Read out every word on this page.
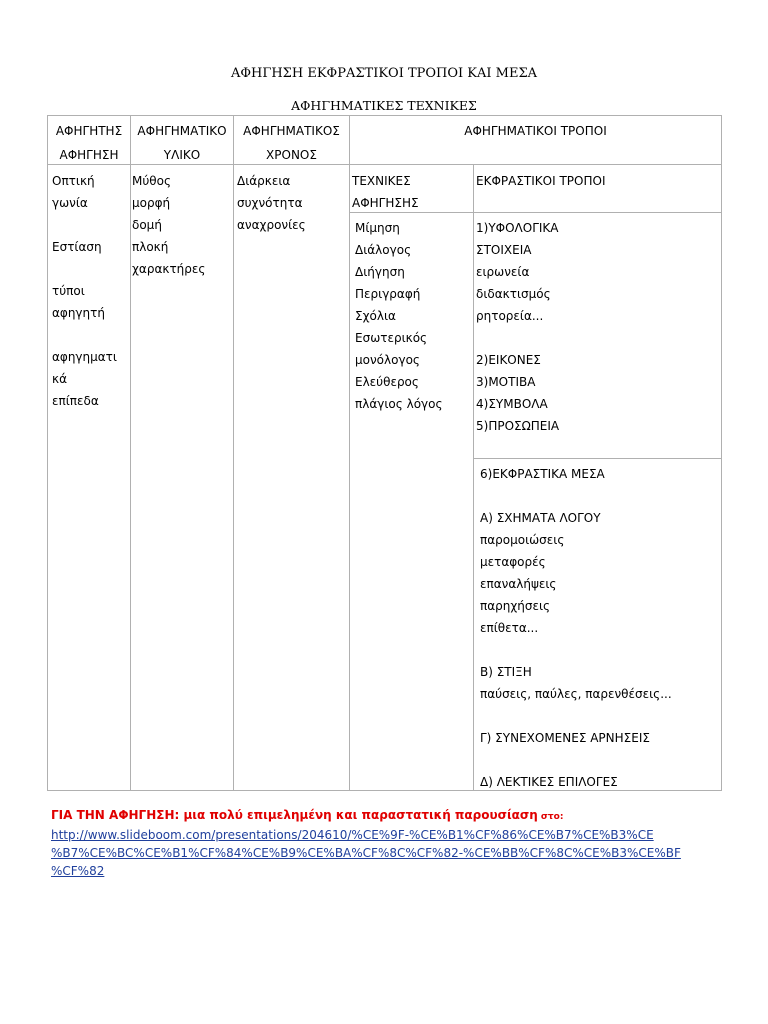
ΑΦΗΓΗΣΗ ΕΚΦΡΑΣΤΙΚΟΙ ΤΡΟΠΟΙ ΚΑΙ ΜΕΣΑ
ΑΦΗΓΗΜΑΤΙΚΕΣ ΤΕΧΝΙΚΕΣ
ΑΦΗΓΗΤΗΣ
ΑΦΗΓΗΣΗ
ΑΦΗΓΗΜΑΤΙΚΟ
ΥΛΙΚΟ
ΑΦΗΓΗΜΑΤΙΚΟΣ
ΧΡΟΝΟΣ
ΑΦΗΓΗΜΑΤΙΚΟΙ ΤΡΟΠΟΙ
ΤΕΧΝΙΚΕΣ
ΑΦΗΓΗΣΗΣ
ΕΚΦΡΑΣΤΙΚΟΙ ΤΡΟΠΟΙ
Οπτική
γωνία

Εστίαση

τύποι
αφηγητή

αφηγηματι
κά
επίπεδα
Μύθος
μορφή
δομή
πλοκή
χαρακτήρες
Διάρκεια
συχνότητα
αναχρονίες	Μίμηση
Διάλογος
Διήγηση
Περιγραφή
Σχόλια
Εσωτερικός
μονόλογος
Ελεύθερος
πλάγιος λόγος
1)ΥΦΟΛΟΓΙΚΑ
ΣΤΟΙΧΕΙΑ
ειρωνεία
διδακτισμός
ρητορεία...

2)ΕΙΚΟΝΕΣ
3)ΜΟΤΙΒΑ
4)ΣΥΜΒΟΛΑ
5)ΠΡΟΣΩΠΕΙΑ
6)ΕΚΦΡΑΣΤΙΚΑ ΜΕΣΑ

Α) ΣΧΗΜΑΤΑ ΛΟΓΟΥ
παρομοιώσεις
μεταφορές
επαναλήψεις
παρηχήσεις
επίθετα...

Β) ΣΤΙΞΗ
παύσεις, παύλες, παρενθέσεις...

Γ) ΣΥΝΕΧΟΜΕΝΕΣ ΑΡΝΗΣΕΙΣ

Δ) ΛΕΚΤΙΚΕΣ ΕΠΙΛΟΓΕΣ
ΓΙΑ ΤΗΝ ΑΦΗΓΗΣΗ: μια πολύ επιμελημένη και παραστατική παρουσίαση στο:
http://www.slideboom.com/presentations/204610/%CE%9F-%CE%B1%CF%86%CE%B7%CE%B3%CE
%B7%CE%BC%CE%B1%CF%84%CE%B9%CE%BA%CF%8C%CF%82-%CE%BB%CF%8C%CE%B3%CE%BF
%CF%82
